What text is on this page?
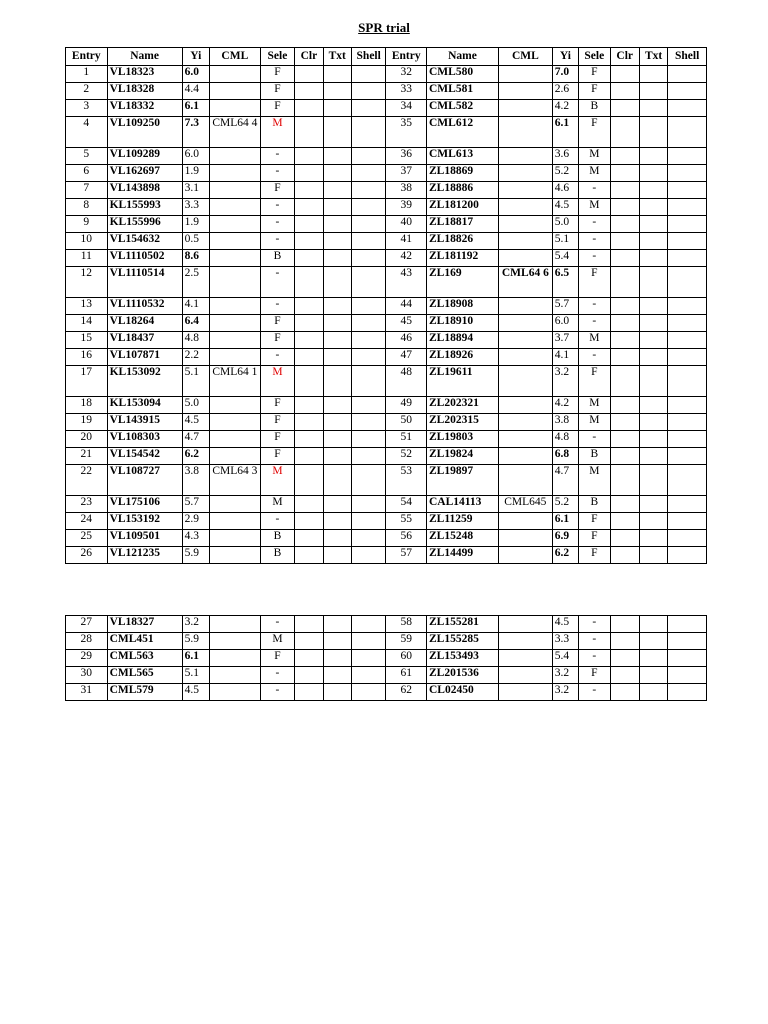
SPR trial
Entry	Name	Yi	CML	Sele	Clr	Txt	Shell	Entry	Name	CML	Yi	Sele	Clr	Txt	Shell
1	VL18323	6.0		F				32	CML580		7.0	F			
2	VL18328	4.4		F				33	CML581		2.6	F			
3	VL18332	6.1		F				34	CML582		4.2	B			
4	VL109250	7.3	CML64 4	M				35	CML612		6.1	F			
5	VL109289	6.0		-				36	CML613		3.6	M			
6	VL162697	1.9		-				37	ZL18869		5.2	M			
7	VL143898	3.1		F				38	ZL18886		4.6	-			
8	KL155993	3.3		-				39	ZL181200		4.5	M			
9	KL155996	1.9		-				40	ZL18817		5.0	-			
10	VL154632	0.5		-				41	ZL18826		5.1	-			
11	VL1110502	8.6		B				42	ZL181192		5.4	-			
12	VL1110514	2.5		-				43	ZL169	CML64 6	6.5	F			
13	VL1110532	4.1		-				44	ZL18908		5.7	-			
14	VL18264	6.4		F				45	ZL18910		6.0	-			
15	VL18437	4.8		F				46	ZL18894		3.7	M			
16	VL107871	2.2		-				47	ZL18926		4.1	-			
17	KL153092	5.1	CML64 1	M				48	ZL19611		3.2	F			
18	KL153094	5.0		F				49	ZL202321		4.2	M			
19	VL143915	4.5		F				50	ZL202315		3.8	M			
20	VL108303	4.7		F				51	ZL19803		4.8	-			
21	VL154542	6.2		F				52	ZL19824		6.8	B			
22	VL108727	3.8	CML64 3	M				53	ZL19897		4.7	M			
23	VL175106	5.7		M				54	CAL14113	CML645	5.2	B			
24	VL153192	2.9		-				55	ZL11259		6.1	F			
25	VL109501	4.3		B				56	ZL15248		6.9	F			
26	VL121235	5.9		B				57	ZL14499		6.2	F			
27	VL18327	3.2		-				58	ZL155281		4.5	-			
28	CML451	5.9		M				59	ZL155285		3.3	-			
29	CML563	6.1		F				60	ZL153493		5.4	-			
30	CML565	5.1		-				61	ZL201536		3.2	F			
31	CML579	4.5		-				62	CL02450		3.2	-			
